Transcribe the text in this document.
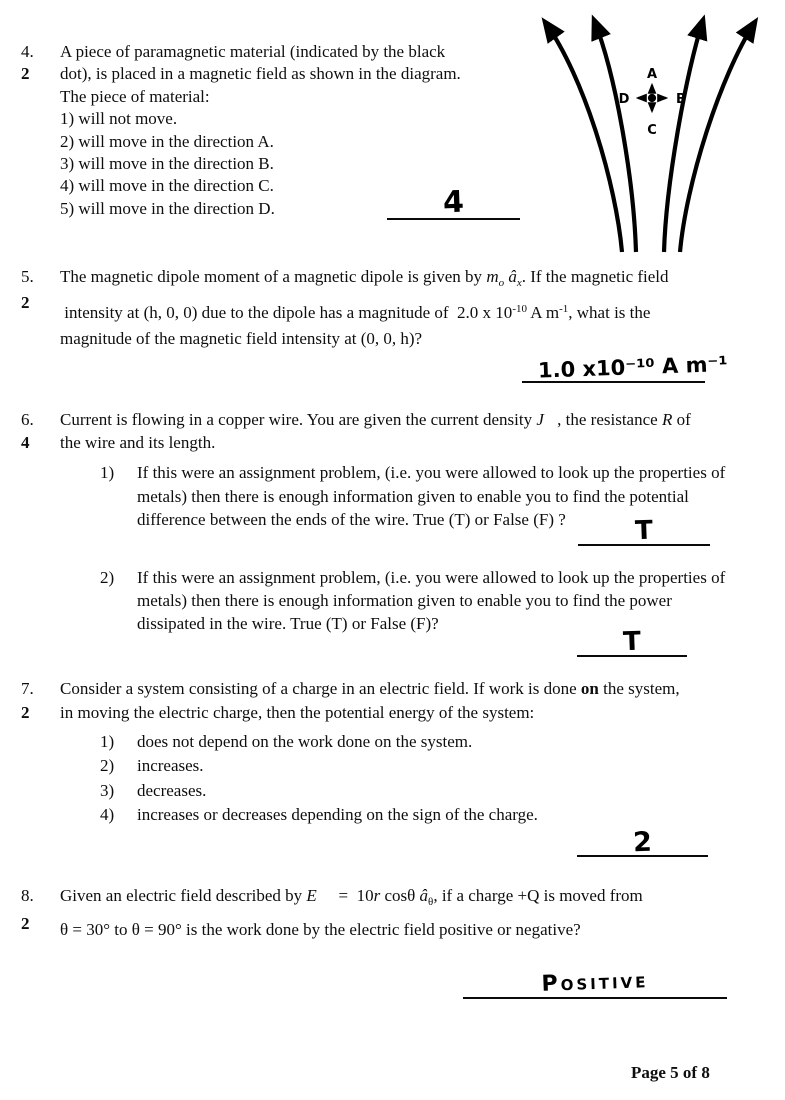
A
B
C
D
4.
2
A piece of paramagnetic material (indicated by the black
dot), is placed in a magnetic field as shown in the diagram.
The piece of material:
1) will not move.
2) will move in the direction A.
3) will move in the direction B.
4) will move in the direction C.
5) will move in the direction D.	4
5.
2
The magnetic dipole moment of a magnetic dipole is given by $m_o$ $â_x$. If the magnetic field
intensity at (h, 0, 0) due to the dipole has a magnitude of  2.0 x $10^{-10}$ A $m^{-1}$, what is the
magnitude of the magnetic field intensity at (0, 0, h)?
1.0 x10⁻¹⁰ A m⁻¹
6.
4
Current is flowing in a copper wire. You are given the current density J⃗, the resistance R of
the wire and its length.
1)	If this were an assignment problem, (i.e. you were allowed to look up the properties of
metals) then there is enough information given to enable you to find the potential
difference between the ends of the wire. True (T) or False (F) ?	T
2)	If this were an assignment problem, (i.e. you were allowed to look up the properties of
metals) then there is enough information given to enable you to find the power
dissipated in the wire. True (T) or False (F)?
T
7.
2
Consider a system consisting of a charge in an electric field. If work is done on the system,
in moving the electric charge, then the potential energy of the system:
1)	does not depend on the work done on the system.
2)	increases.
3)	decreases.
4)	increases or decreases depending on the sign of the charge.
2
8.
2
Given an electric field described by E⃗  =  10r cosθ $â_\theta$, if a charge +Q is moved from
θ = 30° to θ = 90° is the work done by the electric field positive or negative?
Positive
Page 5 of 8
